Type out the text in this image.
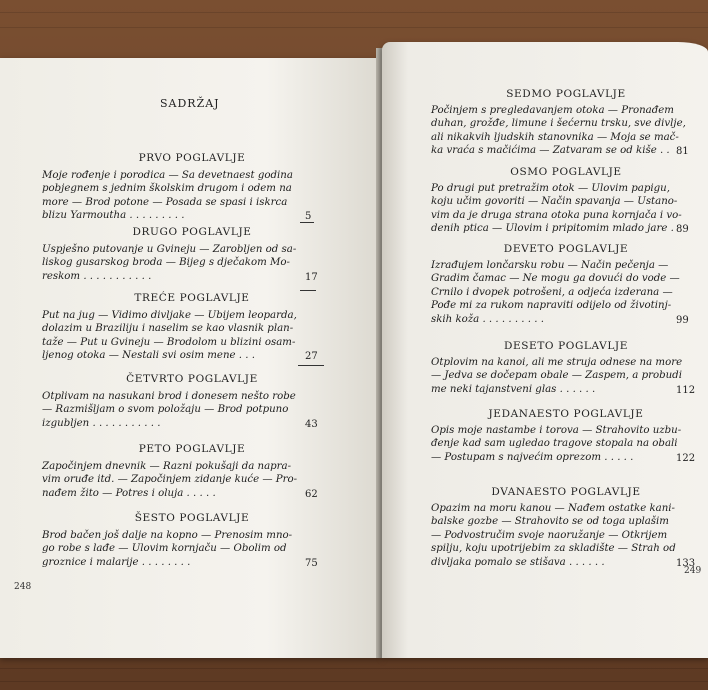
SADRŽAJ
PRVO POGLAVLJE
Moje rođenje i porodica — Sa devetnaest godina
pobjegnem s jednim školskim drugom i odem na
more — Brod potone — Posada se spasi i iskrca
blizu Yarmoutha . . . . . . . . .	5
DRUGO POGLAVLJE
Uspješno putovanje u Gvineju — Zarobljen od sa-
liskog gusarskog broda — Bijeg s dječakom Mo-
reskom . . . . . . . . . . .	17
TREĆE POGLAVLJE
Put na jug — Vidimo divljake — Ubijem leoparda,
dolazim u Braziliju i naselim se kao vlasnik plan-
taže — Put u Gvineju — Brodolom u blizini osam-
ljenog otoka — Nestali svi osim mene . . .	27
ČETVRTO POGLAVLJE
Otplivam na nasukani brod i donesem nešto robe
— Razmišljam o svom položaju — Brod potpuno
izgubljen . . . . . . . . . . .	43
PETO POGLAVLJE
Započinjem dnevnik — Razni pokušaji da napra-
vim oruđe itd. — Započinjem zidanje kuće — Pro-
nađem žito — Potres i oluja . . . . .	62
ŠESTO POGLAVLJE
Brod bačen još dalje na kopno — Prenosim mno-
go robe s lađe — Ulovim kornjaču — Obolim od
groznice i malarije . . . . . . . .	75
SEDMO POGLAVLJE
Počinjem s pregledavanjem otoka — Pronađem
duhan, grožđe, limune i šećernu trsku, sve divlje,
ali nikakvih ljudskih stanovnika — Moja se mač-
ka vraća s mačićima — Zatvaram se od kiše . . 81
OSMO POGLAVLJE
Po drugi put pretražim otok — Ulovim papigu,
koju učim govoriti — Način spavanja — Ustano-
vim da je druga strana otoka puna kornjača i vo-
denih ptica — Ulovim i pripitomim mlado jare . 89
DEVETO POGLAVLJE
Izrađujem lončarsku robu — Način pečenja —
Gradim čamac — Ne mogu ga dovući do vode —
Crnilo i dvopek potrošeni, a odjeća izderana —
Pođe mi za rukom napraviti odijelo od životinj-
skih koža . . . . . . . . . .	99
DESETO POGLAVLJE
Otplovim na kanoi, ali me struja odnese na more
— Jedva se dočepam obale — Zaspem, a probudi
me neki tajanstveni glas . . . . . .	112
JEDANAESTO POGLAVLJE
Opis moje nastambe i torova — Strahovito uzbu-
đenje kad sam ugledao tragove stopala na obali
— Postupam s najvećim oprezom . . . . .	122
DVANAESTO POGLAVLJE
Opazim na moru kanou — Nađem ostatke kani-
balske gozbe — Strahovito se od toga uplašim
— Podvostručim svoje naoružanje — Otkrijem
spilju, koju upotrijebim za skladište — Strah od
divljaka pomalo se stišava . . . . . .	133
248
249
